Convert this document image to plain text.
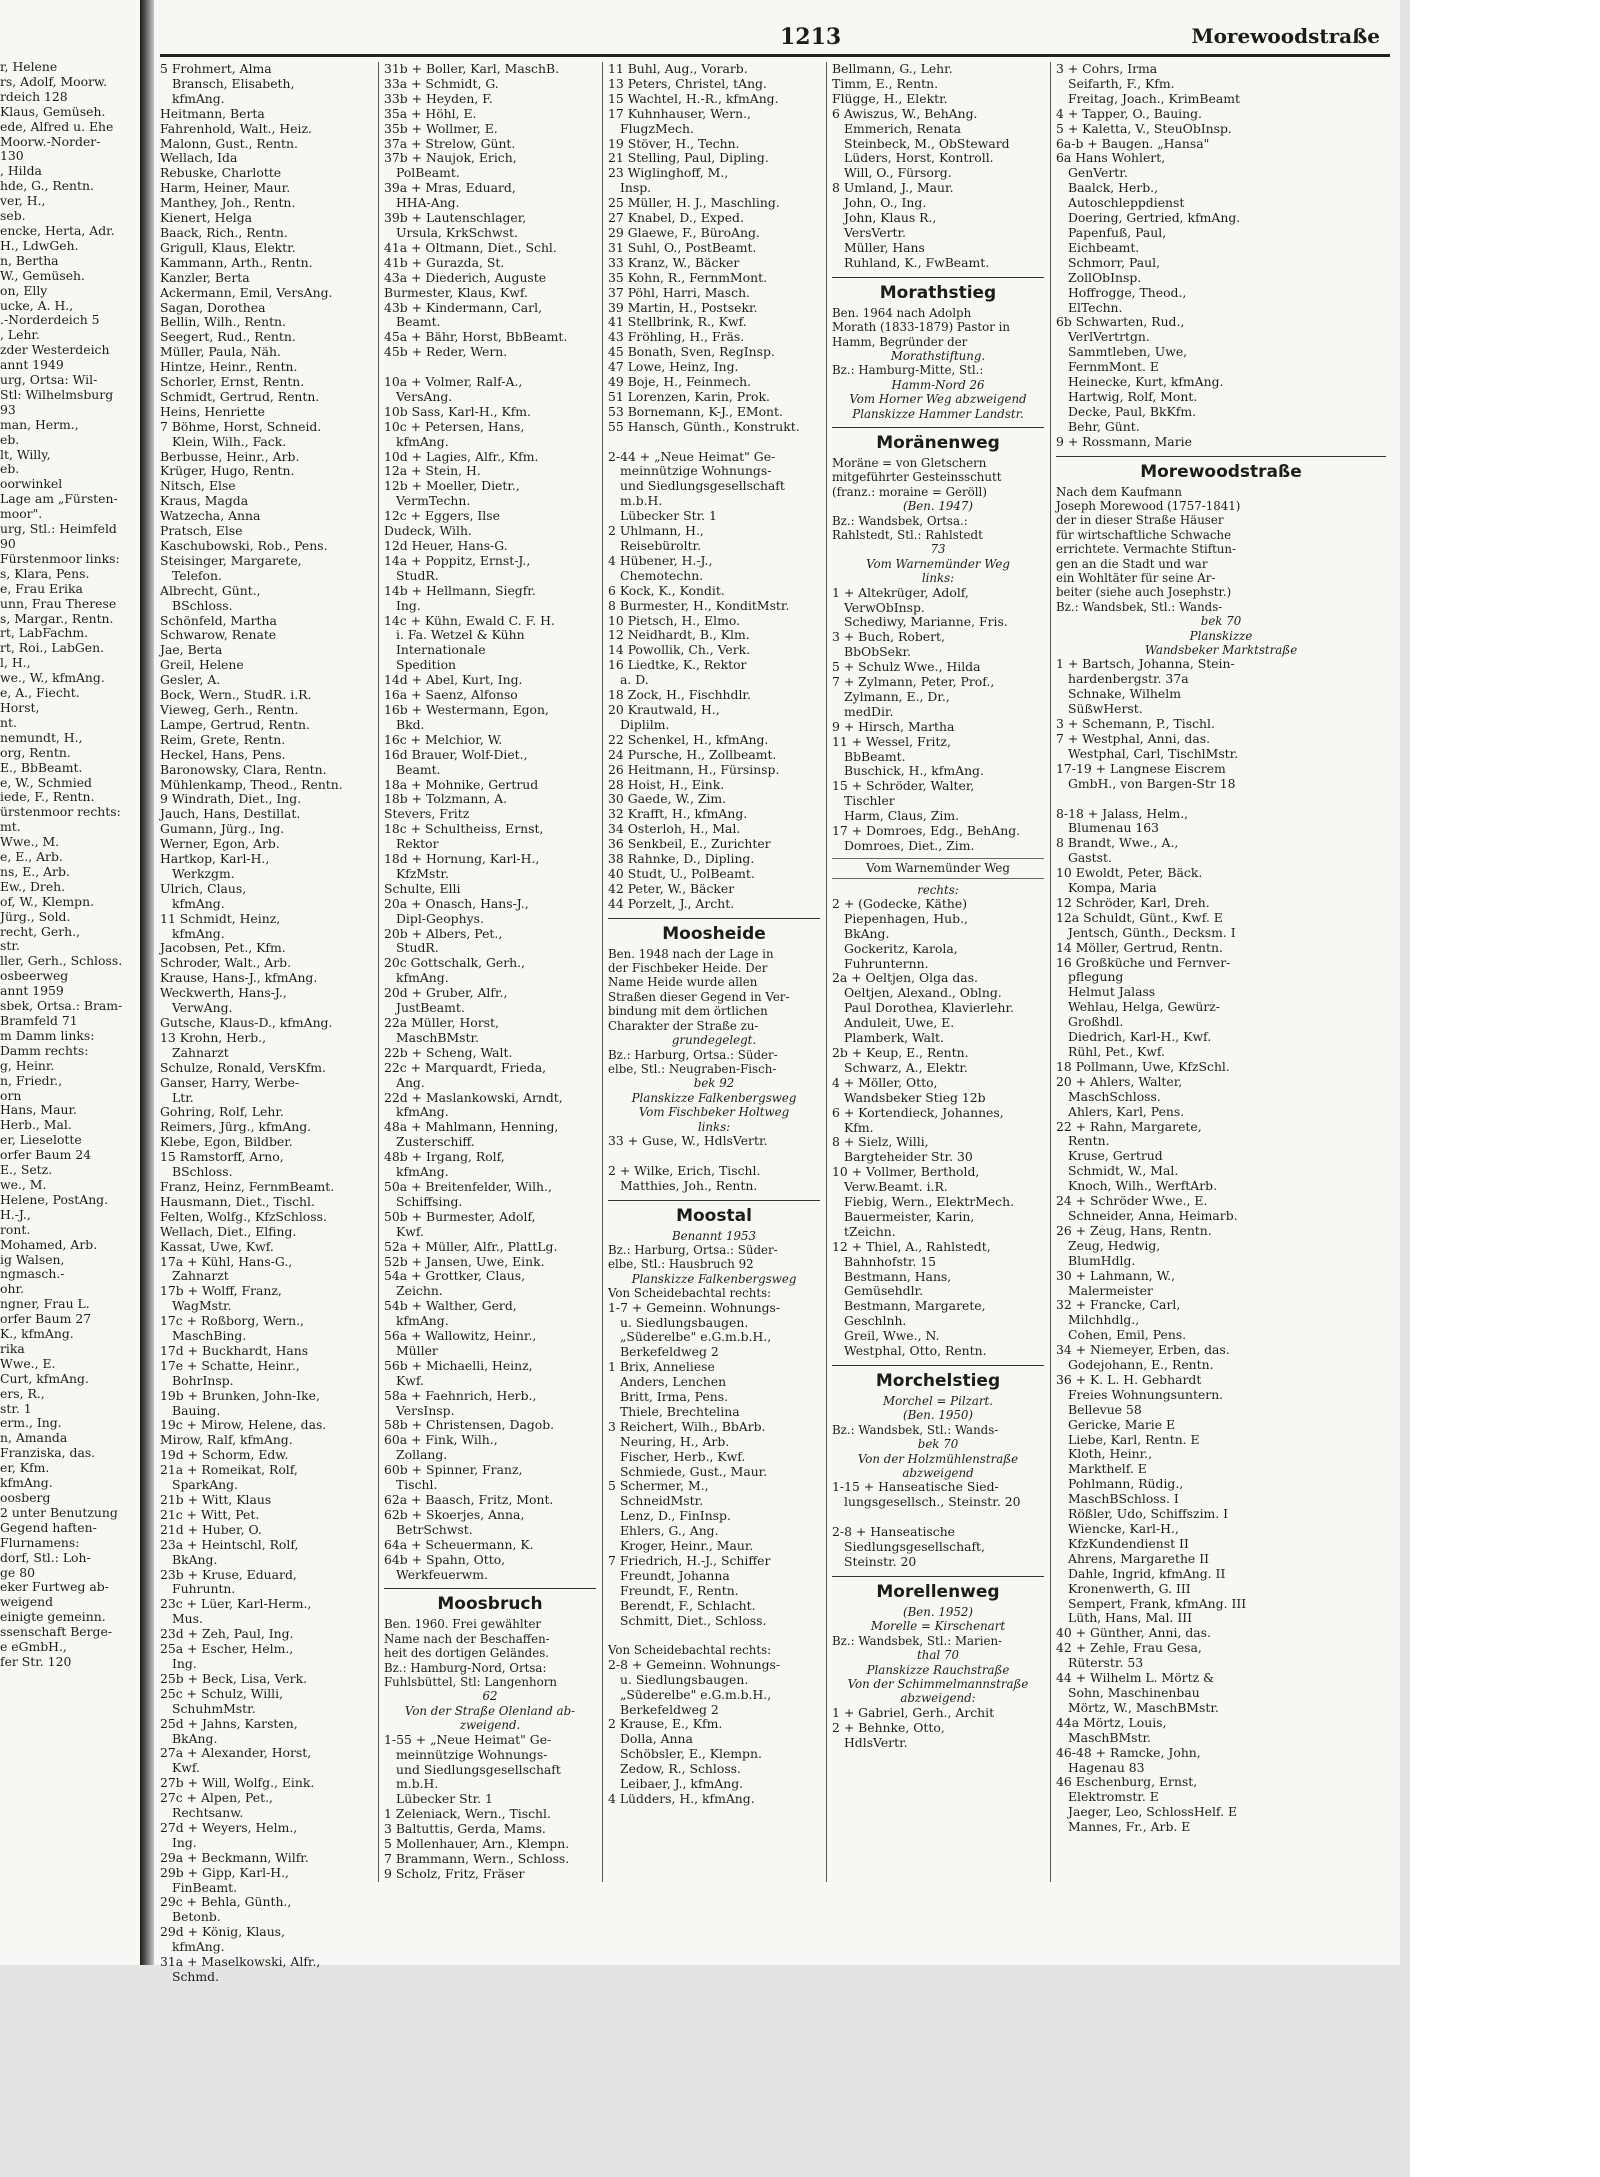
r, Helene
rs, Adolf, Moorw.
rdeich 128
Klaus, Gemüseh.
ede, Alfred u. Ehe
Moorw.-Norder-
130
, Hilda
hde, G., Rentn.
ver, H.,
seb.
encke, Herta, Adr.
H., LdwGeh.
n, Bertha
W., Gemüseh.
on, Elly
ucke, A. H.,
.-Norderdeich 5
, Lehr.
zder Westerdeich
annt 1949
urg, Ortsa: Wil-
Stl: Wilhelmsburg
93
man, Herm.,
eb.
lt, Willy,
eb.
oorwinkel
Lage am „Fürsten-
moor".
urg, Stl.: Heimfeld
90
Fürstenmoor links:
s, Klara, Pens.
e, Frau Erika
unn, Frau Therese
s, Margar., Rentn.
rt, LabFachm.
rt, Roi., LabGen.
l, H.,
we., W., kfmAng.
e, A., Fiecht.
Horst,
nt.
nemundt, H.,
org, Rentn.
E., BbBeamt.
e, W., Schmied
iede, F., Rentn.
ürstenmoor rechts:
mt.
Wwe., M.
e, E., Arb.
ns, E., Arb.
Ew., Dreh.
of, W., Klempn.
Jürg., Sold.
recht, Gerh.,
str.
ller, Gerh., Schloss.
osbeerweg
annt 1959
sbek, Ortsa.: Bram-
Bramfeld 71
m Damm links:
Damm rechts:
g, Heinr.
n, Friedr.,
orn
Hans, Maur.
Herb., Mal.
er, Lieselotte
orfer Baum 24
E., Setz.
we., M.
Helene, PostAng.
H.-J.,
ront.
Mohamed, Arb.
ig Walsen,
ngmasch.-
ohr.
ngner, Frau L.
orfer Baum 27
K., kfmAng.
rika
Wwe., E.
Curt, kfmAng.
ers, R.,
str. 1
erm., Ing.
n, Amanda
Franziska, das.
er, Kfm.
kfmAng.
oosberg
2 unter Benutzung
Gegend haften-
Flurnamens:
dorf, Stl.: Loh-
ge 80
eker Furtweg ab-
weigend
einigte gemeinn.
ssenschaft Berge-
e eGmbH.,
fer Str. 120
1213	Morewoodstraße
5 Frohmert, Alma
Bransch, Elisabeth,
kfmAng.
Heitmann, Berta
Fahrenhold, Walt., Heiz.
Malonn, Gust., Rentn.
Wellach, Ida
Rebuske, Charlotte
Harm, Heiner, Maur.
Manthey, Joh., Rentn.
Kienert, Helga
Baack, Rich., Rentn.
Grigull, Klaus, Elektr.
Kammann, Arth., Rentn.
Kanzler, Berta
Ackermann, Emil, VersAng.
Sagan, Dorothea
Bellin, Wilh., Rentn.
Seegert, Rud., Rentn.
Müller, Paula, Näh.
Hintze, Heinr., Rentn.
Schorler, Ernst, Rentn.
Schmidt, Gertrud, Rentn.
Heins, Henriette
7 Böhme, Horst, Schneid.
Klein, Wilh., Fack.
Berbusse, Heinr., Arb.
Krüger, Hugo, Rentn.
Nitsch, Else
Kraus, Magda
Watzecha, Anna
Pratsch, Else
Kaschubowski, Rob., Pens.
Steisinger, Margarete,
Telefon.
Albrecht, Günt.,
BSchloss.
Schönfeld, Martha
Schwarow, Renate
Jae, Berta
Greil, Helene
Gesler, A.
Bock, Wern., StudR. i.R.
Vieweg, Gerh., Rentn.
Lampe, Gertrud, Rentn.
Reim, Grete, Rentn.
Heckel, Hans, Pens.
Baronowsky, Clara, Rentn.
Mühlenkamp, Theod., Rentn.
9 Windrath, Diet., Ing.
Jauch, Hans, Destillat.
Gumann, Jürg., Ing.
Werner, Egon, Arb.
Hartkop, Karl-H.,
Werkzgm.
Ulrich, Claus,
kfmAng.
11 Schmidt, Heinz,
kfmAng.
Jacobsen, Pet., Kfm.
Schroder, Walt., Arb.
Krause, Hans-J., kfmAng.
Weckwerth, Hans-J.,
VerwAng.
Gutsche, Klaus-D., kfmAng.
13 Krohn, Herb.,
Zahnarzt
Schulze, Ronald, VersKfm.
Ganser, Harry, Werbe-
Ltr.
Gohring, Rolf, Lehr.
Reimers, Jürg., kfmAng.
Klebe, Egon, Bildber.
15 Ramstorff, Arno,
BSchloss.
Franz, Heinz, FernmBeamt.
Hausmann, Diet., Tischl.
Felten, Wolfg., KfzSchloss.
Wellach, Diet., Elfing.
Kassat, Uwe, Kwf.
17a + Kühl, Hans-G.,
Zahnarzt
17b + Wolff, Franz,
WagMstr.
17c + Roßborg, Wern.,
MaschBing.
17d + Buckhardt, Hans
17e + Schatte, Heinr.,
BohrInsp.
19b + Brunken, John-Ike,
Bauing.
19c + Mirow, Helene, das.
Mirow, Ralf, kfmAng.
19d + Schorm, Edw.
21a + Romeikat, Rolf,
SparkAng.
21b + Witt, Klaus
21c + Witt, Pet.
21d + Huber, O.
23a + Heintschl, Rolf,
BkAng.
23b + Kruse, Eduard,
Fuhruntn.
23c + Lüer, Karl-Herm.,
Mus.
23d + Zeh, Paul, Ing.
25a + Escher, Helm.,
Ing.
25b + Beck, Lisa, Verk.
25c + Schulz, Willi,
SchuhmMstr.
25d + Jahns, Karsten,
BkAng.
27a + Alexander, Horst,
Kwf.
27b + Will, Wolfg., Eink.
27c + Alpen, Pet.,
Rechtsanw.
27d + Weyers, Helm.,
Ing.
29a + Beckmann, Wilfr.
29b + Gipp, Karl-H.,
FinBeamt.
29c + Behla, Günth.,
Betonb.
29d + König, Klaus,
kfmAng.
31a + Maselkowski, Alfr.,
Schmd.
31b + Boller, Karl, MaschB.
33a + Schmidt, G.
33b + Heyden, F.
35a + Höhl, E.
35b + Wollmer, E.
37a + Strelow, Günt.
37b + Naujok, Erich,
PolBeamt.
39a + Mras, Eduard,
HHA-Ang.
39b + Lautenschlager,
Ursula, KrkSchwst.
41a + Oltmann, Diet., Schl.
41b + Gurazda, St.
43a + Diederich, Auguste
Burmester, Klaus, Kwf.
43b + Kindermann, Carl,
Beamt.
45a + Bähr, Horst, BbBeamt.
45b + Reder, Wern.

10a + Volmer, Ralf-A.,
VersAng.
10b Sass, Karl-H., Kfm.
10c + Petersen, Hans,
kfmAng.
10d + Lagies, Alfr., Kfm.
12a + Stein, H.
12b + Moeller, Dietr.,
VermTechn.
12c + Eggers, Ilse
Dudeck, Wilh.
12d Heuer, Hans-G.
14a + Poppitz, Ernst-J.,
StudR.
14b + Hellmann, Siegfr.
Ing.
14c + Kühn, Ewald C. F. H.
i. Fa. Wetzel & Kühn
Internationale
Spedition
14d + Abel, Kurt, Ing.
16a + Saenz, Alfonso
16b + Westermann, Egon,
Bkd.
16c + Melchior, W.
16d Brauer, Wolf-Diet.,
Beamt.
18a + Mohnike, Gertrud
18b + Tolzmann, A.
Stevers, Fritz
18c + Schultheiss, Ernst,
Rektor
18d + Hornung, Karl-H.,
KfzMstr.
Schulte, Elli
20a + Onasch, Hans-J.,
Dipl-Geophys.
20b + Albers, Pet.,
StudR.
20c Gottschalk, Gerh.,
kfmAng.
20d + Gruber, Alfr.,
JustBeamt.
22a Müller, Horst,
MaschBMstr.
22b + Scheng, Walt.
22c + Marquardt, Frieda,
Ang.
22d + Maslankowski, Arndt,
kfmAng.
48a + Mahlmann, Henning,
Zusterschiff.
48b + Irgang, Rolf,
kfmAng.
50a + Breitenfelder, Wilh.,
Schiffsing.
50b + Burmester, Adolf,
Kwf.
52a + Müller, Alfr., PlattLg.
52b + Jansen, Uwe, Eink.
54a + Grottker, Claus,
Zeichn.
54b + Walther, Gerd,
kfmAng.
56a + Wallowitz, Heinr.,
Müller
56b + Michaelli, Heinz,
Kwf.
58a + Faehnrich, Herb.,
VersInsp.
58b + Christensen, Dagob.
60a + Fink, Wilh.,
Zollang.
60b + Spinner, Franz,
Tischl.
62a + Baasch, Fritz, Mont.
62b + Skoerjes, Anna,
BetrSchwst.
64a + Scheuermann, K.
64b + Spahn, Otto,
Werkfeuerwm.
Moosbruch
Ben. 1960. Frei gewählter
Name nach der Beschaffen-
heit des dortigen Geländes.
Bz.: Hamburg-Nord, Ortsa:
Fuhlsbüttel, Stl: Langenhorn
62
Von der Straße Olenland ab-
zweigend.
1-55 + „Neue Heimat" Ge-
meinnützige Wohnungs-
und Siedlungsgesellschaft
m.b.H.
Lübecker Str. 1
1 Zeleniack, Wern., Tischl.
3 Baltuttis, Gerda, Mams.
5 Mollenhauer, Arn., Klempn.
7 Brammann, Wern., Schloss.
9 Scholz, Fritz, Fräser
11 Buhl, Aug., Vorarb.
13 Peters, Christel, tAng.
15 Wachtel, H.-R., kfmAng.
17 Kuhnhauser, Wern.,
FlugzMech.
19 Stöver, H., Techn.
21 Stelling, Paul, Dipling.
23 Wiglinghoff, M.,
Insp.
25 Müller, H. J., Maschling.
27 Knabel, D., Exped.
29 Glaewe, F., BüroAng.
31 Suhl, O., PostBeamt.
33 Kranz, W., Bäcker
35 Kohn, R., FernmMont.
37 Pöhl, Harri, Masch.
39 Martin, H., Postsekr.
41 Stellbrink, R., Kwf.
43 Fröhling, H., Fräs.
45 Bonath, Sven, RegInsp.
47 Lowe, Heinz, Ing.
49 Boje, H., Feinmech.
51 Lorenzen, Karin, Prok.
53 Bornemann, K-J., EMont.
55 Hansch, Günth., Konstrukt.

2-44 + „Neue Heimat" Ge-
meinnützige Wohnungs-
und Siedlungsgesellschaft
m.b.H.
Lübecker Str. 1
2 Uhlmann, H.,
Reisebüroltr.
4 Hübener, H.-J.,
Chemotechn.
6 Kock, K., Kondit.
8 Burmester, H., KonditMstr.
10 Pietsch, H., Elmo.
12 Neidhardt, B., Klm.
14 Powollik, Ch., Verk.
16 Liedtke, K., Rektor
a. D.
18 Zock, H., Fischhdlr.
20 Krautwald, H.,
Diplilm.
22 Schenkel, H., kfmAng.
24 Pursche, H., Zollbeamt.
26 Heitmann, H., Fürsinsp.
28 Hoist, H., Eink.
30 Gaede, W., Zim.
32 Krafft, H., kfmAng.
34 Osterloh, H., Mal.
36 Senkbeil, E., Zurichter
38 Rahnke, D., Dipling.
40 Studt, U., PolBeamt.
42 Peter, W., Bäcker
44 Porzelt, J., Archt.
Moosheide
Ben. 1948 nach der Lage in
der Fischbeker Heide. Der
Name Heide wurde allen
Straßen dieser Gegend in Ver-
bindung mit dem örtlichen
Charakter der Straße zu-
grundegelegt.
Bz.: Harburg, Ortsa.: Süder-
elbe, Stl.: Neugraben-Fisch-
bek 92
Planskizze Falkenbergsweg
Vom Fischbeker Holtweg
links:
33 + Guse, W., HdlsVertr.

2 + Wilke, Erich, Tischl.
Matthies, Joh., Rentn.
Moostal
Benannt 1953
Bz.: Harburg, Ortsa.: Süder-
elbe, Stl.: Hausbruch 92
Planskizze Falkenbergsweg
Von Scheidebachtal rechts:
1-7 + Gemeinn. Wohnungs-
u. Siedlungsbaugen.
„Süderelbe" e.G.m.b.H.,
Berkefeldweg 2
1 Brix, Anneliese
Anders, Lenchen
Britt, Irma, Pens.
Thiele, Brechtelina
3 Reichert, Wilh., BbArb.
Neuring, H., Arb.
Fischer, Herb., Kwf.
Schmiede, Gust., Maur.
5 Schermer, M.,
SchneidMstr.
Lenz, D., FinInsp.
Ehlers, G., Ang.
Kroger, Heinr., Maur.
7 Friedrich, H.-J., Schiffer
Freundt, Johanna
Freundt, F., Rentn.
Berendt, F., Schlacht.
Schmitt, Diet., Schloss.

Von Scheidebachtal rechts:
2-8 + Gemeinn. Wohnungs-
u. Siedlungsbaugen.
„Süderelbe" e.G.m.b.H.,
Berkefeldweg 2
2 Krause, E., Kfm.
Dolla, Anna
Schöbsler, E., Klempn.
Zedow, R., Schloss.
Leibaer, J., kfmAng.
4 Lüdders, H., kfmAng.
Bellmann, G., Lehr.
Timm, E., Rentn.
Flügge, H., Elektr.
6 Awiszus, W., BehAng.
Emmerich, Renata
Steinbeck, M., ObSteward
Lüders, Horst, Kontroll.
Will, O., Fürsorg.
8 Umland, J., Maur.
John, O., Ing.
John, Klaus R.,
VersVertr.
Müller, Hans
Ruhland, K., FwBeamt.
Morathstieg
Ben. 1964 nach Adolph
Morath (1833-1879) Pastor in
Hamm, Begründer der
Morathstiftung.
Bz.: Hamburg-Mitte, Stl.:
Hamm-Nord 26
Vom Horner Weg abzweigend
Planskizze Hammer Landstr.
Moränenweg
Moräne = von Gletschern
mitgeführter Gesteinsschutt
(franz.: moraine = Geröll)
(Ben. 1947)
Bz.: Wandsbek, Ortsa.:
Rahlstedt, Stl.: Rahlstedt
73
Vom Warnemünder Weg
links:
1 + Altekrüger, Adolf,
VerwObInsp.
Schediwy, Marianne, Fris.
3 + Buch, Robert,
BbObSekr.
5 + Schulz Wwe., Hilda
7 + Zylmann, Peter, Prof.,
Zylmann, E., Dr.,
medDir.
9 + Hirsch, Martha
11 + Wessel, Fritz,
BbBeamt.
Buschick, H., kfmAng.
15 + Schröder, Walter,
Tischler
Harm, Claus, Zim.
17 + Domroes, Edg., BehAng.
Domroes, Diet., Zim.
Vom Warnemünder Weg
rechts:
2 + (Godecke, Käthe)
Piepenhagen, Hub.,
BkAng.
Gockeritz, Karola,
Fuhrunternn.
2a + Oeltjen, Olga das.
Oeltjen, Alexand., Oblng.
Paul Dorothea, Klavierlehr.
Anduleit, Uwe, E.
Plamberk, Walt.
2b + Keup, E., Rentn.
Schwarz, A., Elektr.
4 + Möller, Otto,
Wandsbeker Stieg 12b
6 + Kortendieck, Johannes,
Kfm.
8 + Sielz, Willi,
Bargteheider Str. 30
10 + Vollmer, Berthold,
Verw.Beamt. i.R.
Fiebig, Wern., ElektrMech.
Bauermeister, Karin,
tZeichn.
12 + Thiel, A., Rahlstedt,
Bahnhofstr. 15
Bestmann, Hans,
Gemüsehdlr.
Bestmann, Margarete,
Geschlnh.
Greil, Wwe., N.
Westphal, Otto, Rentn.
Morchelstieg
Morchel = Pilzart.
(Ben. 1950)
Bz.: Wandsbek, Stl.: Wands-
bek 70
Von der Holzmühlenstraße
abzweigend
1-15 + Hanseatische Sied-
lungsgesellsch., Steinstr. 20

2-8 + Hanseatische
Siedlungsgesellschaft,
Steinstr. 20
Morellenweg
(Ben. 1952)
Morelle = Kirschenart
Bz.: Wandsbek, Stl.: Marien-
thal 70
Planskizze Rauchstraße
Von der Schimmelmannstraße
abzweigend:
1 + Gabriel, Gerh., Archit
2 + Behnke, Otto,
HdlsVertr.
3 + Cohrs, Irma
Seifarth, F., Kfm.
Freitag, Joach., KrimBeamt
4 + Tapper, O., Bauing.
5 + Kaletta, V., SteuObInsp.
6a-b + Baugen. „Hansa"
6a Hans Wohlert,
GenVertr.
Baalck, Herb.,
Autoschleppdienst
Doering, Gertried, kfmAng.
Papenfuß, Paul,
Eichbeamt.
Schmorr, Paul,
ZollObInsp.
Hoffrogge, Theod.,
ElTechn.
6b Schwarten, Rud.,
VerlVertrtgn.
Sammtleben, Uwe,
FernmMont. E
Heinecke, Kurt, kfmAng.
Hartwig, Rolf, Mont.
Decke, Paul, BkKfm.
Behr, Günt.
9 + Rossmann, Marie
Morewoodstraße
Nach dem Kaufmann
Joseph Morewood (1757-1841)
der in dieser Straße Häuser
für wirtschaftliche Schwache
errichtete. Vermachte Stiftun-
gen an die Stadt und war
ein Wohltäter für seine Ar-
beiter (siehe auch Josephstr.)
Bz.: Wandsbek, Stl.: Wands-
bek 70
Planskizze
Wandsbeker Marktstraße
1 + Bartsch, Johanna, Stein-
hardenbergstr. 37a
Schnake, Wilhelm
SüßwHerst.
3 + Schemann, P., Tischl.
7 + Westphal, Anni, das.
Westphal, Carl, TischlMstr.
17-19 + Langnese Eiscrem
GmbH., von Bargen-Str 18

8-18 + Jalass, Helm.,
Blumenau 163
8 Brandt, Wwe., A.,
Gastst.
10 Ewoldt, Peter, Bäck.
Kompa, Maria
12 Schröder, Karl, Dreh.
12a Schuldt, Günt., Kwf. E
Jentsch, Günth., Decksm. I
14 Möller, Gertrud, Rentn.
16 Großküche und Fernver-
pflegung
Helmut Jalass
Wehlau, Helga, Gewürz-
Großhdl.
Diedrich, Karl-H., Kwf.
Rühl, Pet., Kwf.
18 Pollmann, Uwe, KfzSchl.
20 + Ahlers, Walter,
MaschSchloss.
Ahlers, Karl, Pens.
22 + Rahn, Margarete,
Rentn.
Kruse, Gertrud
Schmidt, W., Mal.
Knoch, Wilh., WerftArb.
24 + Schröder Wwe., E.
Schneider, Anna, Heimarb.
26 + Zeug, Hans, Rentn.
Zeug, Hedwig,
BlumHdlg.
30 + Lahmann, W.,
Malermeister
32 + Francke, Carl,
Milchhdlg.,
Cohen, Emil, Pens.
34 + Niemeyer, Erben, das.
Godejohann, E., Rentn.
36 + K. L. H. Gebhardt
Freies Wohnungsuntern.
Bellevue 58
Gericke, Marie E
Liebe, Karl, Rentn. E
Kloth, Heinr.,
Markthelf. E
Pohlmann, Rüdig.,
MaschBSchloss. I
Rößler, Udo, Schiffszim. I
Wiencke, Karl-H.,
KfzKundendienst II
Ahrens, Margarethe II
Dahle, Ingrid, kfmAng. II
Kronenwerth, G. III
Sempert, Frank, kfmAng. III
Lüth, Hans, Mal. III
40 + Günther, Anni, das.
42 + Zehle, Frau Gesa,
Rüterstr. 53
44 + Wilhelm L. Mörtz &
Sohn, Maschinenbau
Mörtz, W., MaschBMstr.
44a Mörtz, Louis,
MaschBMstr.
46-48 + Ramcke, John,
Hagenau 83
46 Eschenburg, Ernst,
Elektromstr. E
Jaeger, Leo, SchlossHelf. E
Mannes, Fr., Arb. E
